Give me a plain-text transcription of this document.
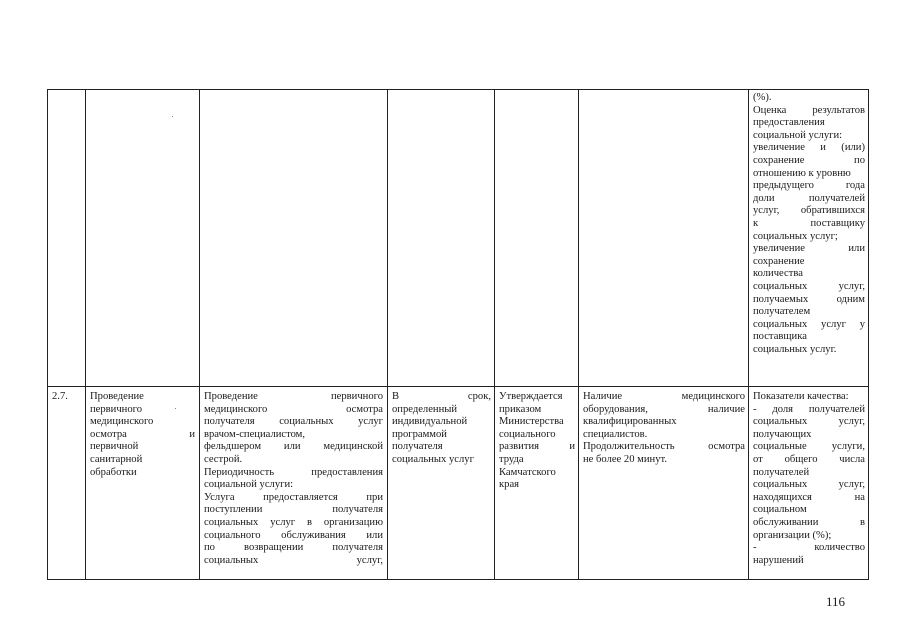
(%).
Оценка результатов
предоставления
социальной услуги:
увеличение и (или)
сохранение по
отношению к уровню
предыдущего года
доли получателей
услуг, обратившихся
к поставщику
социальных услуг;
увеличение или
сохранение
количества
социальных услуг,
получаемых одним
получателем
социальных услуг у
поставщика
социальных услуг.
2.7.	Проведение
первичного
медицинского
осмотра и
первичной
санитарной
обработки
Проведение первичного
медицинского осмотра
получателя социальных услуг
врачом-специалистом,
фельдшером или медицинской
сестрой.
Периодичность предоставления
социальной услуги:
Услуга предоставляется при
поступлении получателя
социальных услуг в организацию
социального обслуживания или
по возвращении получателя
социальных услуг,
В срок,
определенный
индивидуальной
программой
получателя
социальных услуг
Утверждается
приказом
Министерства
социального
развития и
труда
Камчатского
края
Наличие медицинского
оборудования, наличие
квалифицированных
специалистов.
Продолжительность осмотра
не более 20 минут.
Показатели качества:
- доля получателей
социальных услуг,
получающих
социальные услуги,
от общего числа
получателей
социальных услуг,
находящихся на
социальном
обслуживании в
организации (%);
- количество
нарушений
116
